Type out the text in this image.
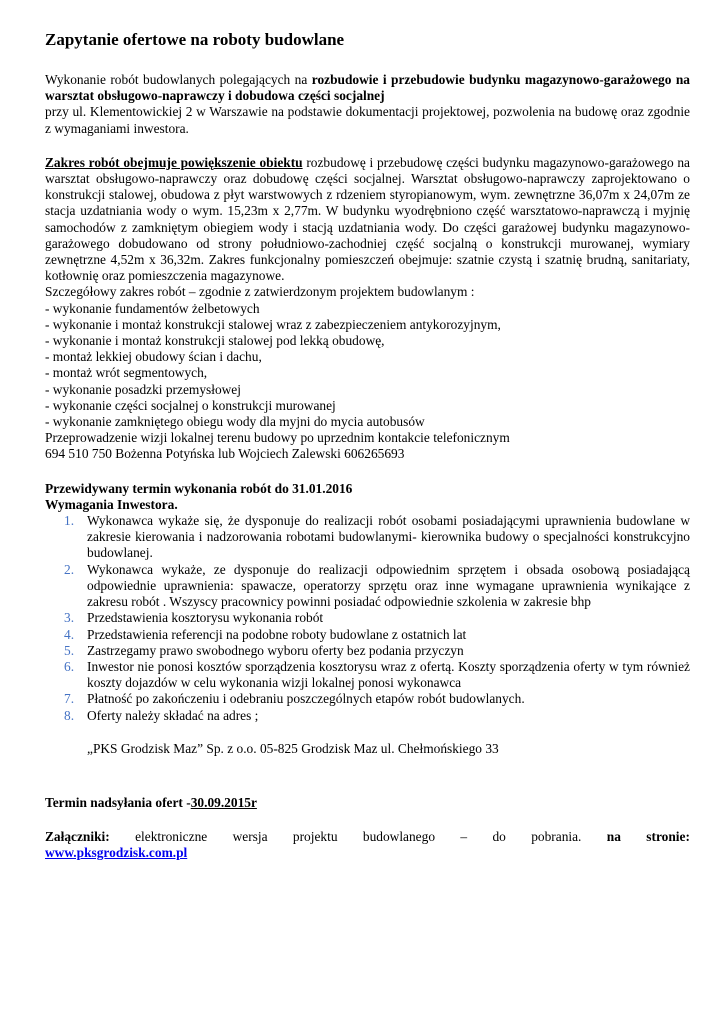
Zapytanie ofertowe na roboty budowlane

Wykonanie robót budowlanych polegających na rozbudowie i przebudowie budynku magazynowo-garażowego na warsztat obsługowo-naprawczy i dobudowa części socjalnej

przy ul. Klementowickiej 2 w Warszawie na podstawie dokumentacji projektowej, pozwolenia na budowę oraz zgodnie z wymaganiami inwestora.

Zakres robót obejmuje powiększenie obiektu rozbudowę i przebudowę części budynku magazynowo-garażowego na warsztat obsługowo-naprawczy oraz dobudowę części socjalnej. Warsztat obsługowo-naprawczy zaprojektowano o konstrukcji stalowej, obudowa z płyt warstwowych z rdzeniem styropianowym, wym. zewnętrzne 36,07m x 24,07m ze stacja uzdatniania wody o wym. 15,23m x 2,77m. W budynku wyodrębniono część warsztatowo-naprawczą i myjnię samochodów z zamkniętym obiegiem wody i stacją uzdatniania wody. Do części garażowej budynku magazynowo-garażowego dobudowano od strony południowo-zachodniej część socjalną o konstrukcji murowanej, wymiary zewnętrzne 4,52m x 36,32m. Zakres funkcjonalny pomieszczeń obejmuje: szatnie czystą i szatnię brudną, sanitariaty, kotłownię oraz pomieszczenia magazynowe.

Szczegółowy zakres robót – zgodnie z zatwierdzonym projektem budowlanym :

- wykonanie fundamentów żelbetowych

- wykonanie i montaż konstrukcji stalowej wraz z zabezpieczeniem antykorozyjnym,

- wykonanie i montaż konstrukcji stalowej pod lekką obudowę,

- montaż lekkiej obudowy ścian i dachu,

- montaż wrót segmentowych,

- wykonanie posadzki przemysłowej

- wykonanie części socjalnej o konstrukcji murowanej

- wykonanie zamkniętego obiegu wody dla myjni do mycia autobusów

Przeprowadzenie wizji lokalnej terenu budowy po uprzednim kontakcie telefonicznym

694 510 750 Bożenna Potyńska lub Wojciech Zalewski 606265693

Przewidywany termin wykonania robót do 31.01.2016

Wymagania Inwestora.

1. Wykonawca wykaże się, że dysponuje do realizacji robót osobami posiadającymi uprawnienia budowlane w zakresie kierowania i nadzorowania robotami budowlanymi- kierownika budowy o specjalności konstrukcyjno budowlanej.
2. Wykonawca wykaże, ze dysponuje do realizacji odpowiednim sprzętem i obsada osobową posiadającą odpowiednie uprawnienia: spawacze, operatorzy sprzętu oraz inne wymagane uprawnienia wynikające z zakresu robót . Wszyscy pracownicy powinni posiadać odpowiednie szkolenia w zakresie bhp
3. Przedstawienia kosztorysu wykonania robót
4. Przedstawienia referencji na podobne roboty budowlane z ostatnich lat
5. Zastrzegamy prawo swobodnego wyboru oferty bez podania przyczyn
6. Inwestor nie ponosi kosztów sporządzenia kosztorysu wraz z ofertą. Koszty sporządzenia oferty w tym również koszty dojazdów w celu wykonania wizji lokalnej ponosi wykonawca
7. Płatność po zakończeniu i odebraniu poszczególnych etapów robót budowlanych.
8. Oferty należy składać na adres ;

„PKS Grodzisk Maz” Sp. z o.o. 05-825 Grodzisk Maz ul. Chełmońskiego 33

Termin nadsyłania ofert -30.09.2015r

Załączniki: elektroniczne wersja projektu budowlanego – do pobrania. na stronie:

www.pksgrodzisk.com.pl
